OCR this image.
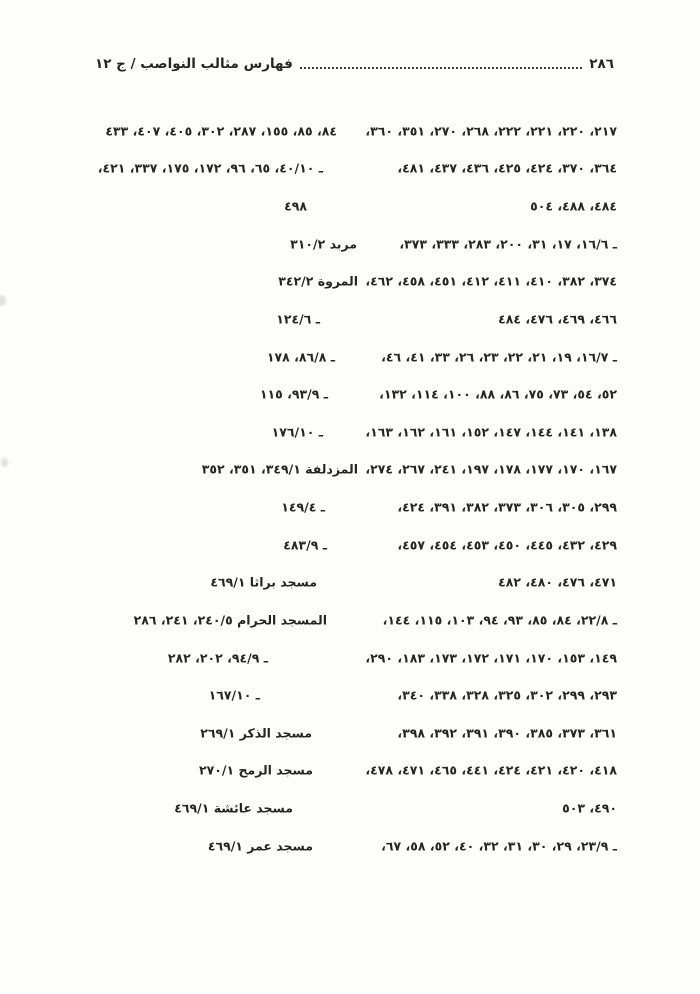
٢٨٦
فهارس مثالب النواصب / ج ١٢
٢١٧، ٢٢٠، ٢٢١، ٢٢٢، ٢٦٨، ٢٧٠، ٣٥١، ٣٦٠،
٨٤، ٨٥، ١٥٥، ٢٨٧، ٣٠٢، ٤٠٥، ٤٠٧، ٤٣٣
٣٦٤، ٣٧٠، ٤٢٤، ٤٢٥، ٤٣٦، ٤٣٧، ٤٨١،
ـ ٤٠/١٠، ٦٥، ٩٦، ١٧٢، ١٧٥، ٣٣٧، ٤٢١،
٤٨٤، ٤٨٨، ٥٠٤
٤٩٨
ـ ١٦/٦، ١٧، ٣١، ٢٠٠، ٢٨٣، ٣٣٣، ٣٧٣،
مربد ٣١٠/٢
٣٧٤، ٣٨٢، ٤١٠، ٤١١، ٤١٢، ٤٥١، ٤٥٨، ٤٦٢،
المروة ٣٤٢/٢
٤٦٦، ٤٦٩، ٤٧٦، ٤٨٤
ـ ١٢٤/٦
ـ ١٦/٧، ١٩، ٢١، ٢٢، ٢٣، ٢٦، ٣٣، ٤١، ٤٦،
ـ ٨٦/٨، ١٧٨
٥٢، ٥٤، ٧٣، ٧٥، ٨٦، ٨٨، ١٠٠، ١١٤، ١٣٢،
ـ ٩٣/٩، ١١٥
١٣٨، ١٤١، ١٤٤، ١٤٧، ١٥٢، ١٦١، ١٦٢، ١٦٣،
ـ ١٧٦/١٠
١٦٧، ١٧٠، ١٧٧، ١٧٨، ١٩٧، ٢٤١، ٢٦٧، ٢٧٤،
المزدلفة ٣٤٩/١، ٣٥١، ٣٥٢
٢٩٩، ٣٠٥، ٣٠٦، ٣٧٣، ٣٨٢، ٣٩١، ٤٢٤،
ـ ١٤٩/٤
٤٢٩، ٤٣٢، ٤٤٥، ٤٥٠، ٤٥٣، ٤٥٤، ٤٥٧،
ـ ٤٨٣/٩
٤٧١، ٤٧٦، ٤٨٠، ٤٨٢
مسجد براثا ٤٦٩/١
ـ ٢٢/٨، ٨٤، ٨٥، ٩٣، ٩٤، ١٠٣، ١١٥، ١٤٤،
المسجد الحرام ٢٤٠/٥، ٢٤١، ٢٨٦
١٤٩، ١٥٣، ١٧٠، ١٧١، ١٧٢، ١٧٣، ١٨٣، ٢٩٠،
ـ ٩٤/٩، ٢٠٢، ٢٨٢
٢٩٣، ٢٩٩، ٣٠٢، ٣٢٥، ٣٢٨، ٣٣٨، ٣٤٠،
ـ ١٦٧/١٠
٣٦١، ٣٧٣، ٣٨٥، ٣٩٠، ٣٩١، ٣٩٢، ٣٩٨،
مسجد الذكر ٢٦٩/١
٤١٨، ٤٢٠، ٤٢١، ٤٢٤، ٤٤١، ٤٦٥، ٤٧١، ٤٧٨،
مسجد الرمح ٢٧٠/١
٤٩٠، ٥٠٣
مسجد عائشة ٤٦٩/١
ـ ٢٣/٩، ٢٩، ٣٠، ٣١، ٣٢، ٤٠، ٥٢، ٥٨، ٦٧،
مسجد عمر ٤٦٩/١
